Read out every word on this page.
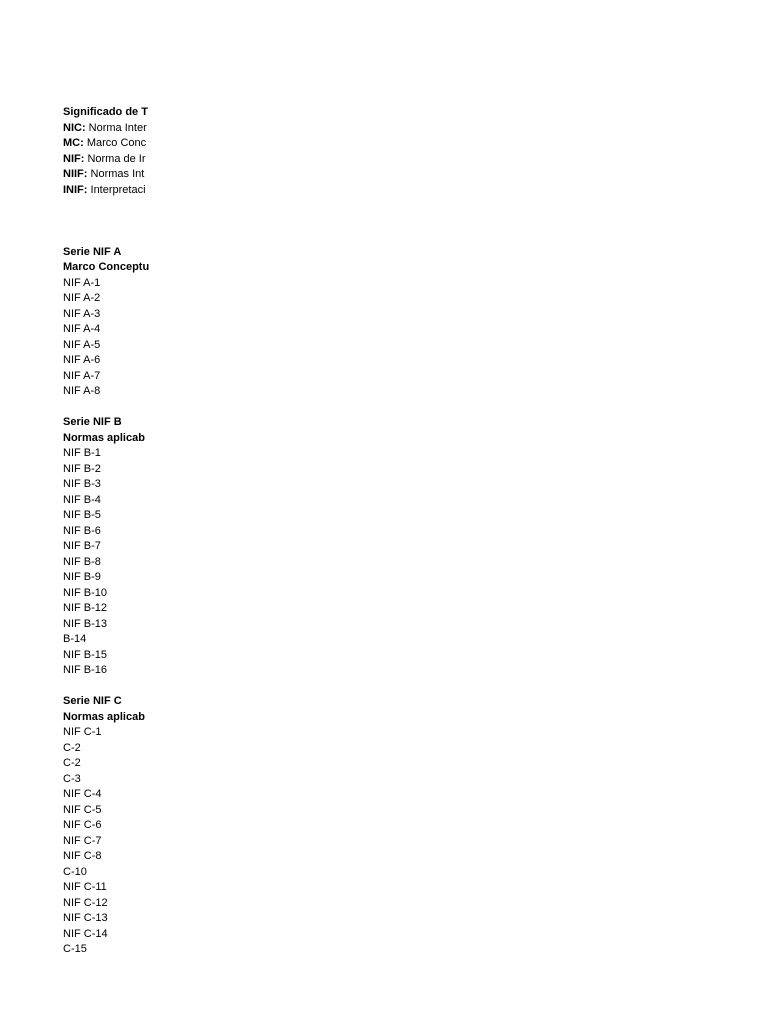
Significado de T
NIC: Norma Inter
MC: Marco Conc
NIF: Norma de Ir
NIIF: Normas Int
INIF: Interpretaci
Serie NIF A
Marco Conceptu
NIF A-1
NIF A-2
NIF A-3
NIF A-4
NIF A-5
NIF A-6
NIF A-7
NIF A-8
Serie NIF B
Normas aplicab
NIF B-1
NIF B-2
NIF B-3
NIF B-4
NIF B-5
NIF B-6
NIF B-7
NIF B-8
NIF B-9
NIF B-10
NIF B-12
NIF B-13
B-14
NIF B-15
NIF B-16
Serie NIF C
Normas aplicab
NIF C-1
C-2
C-2
C-3
NIF C-4
NIF C-5
NIF C-6
NIF C-7
NIF C-8
C-10
NIF C-11
NIF C-12
NIF C-13
NIF C-14
C-15
